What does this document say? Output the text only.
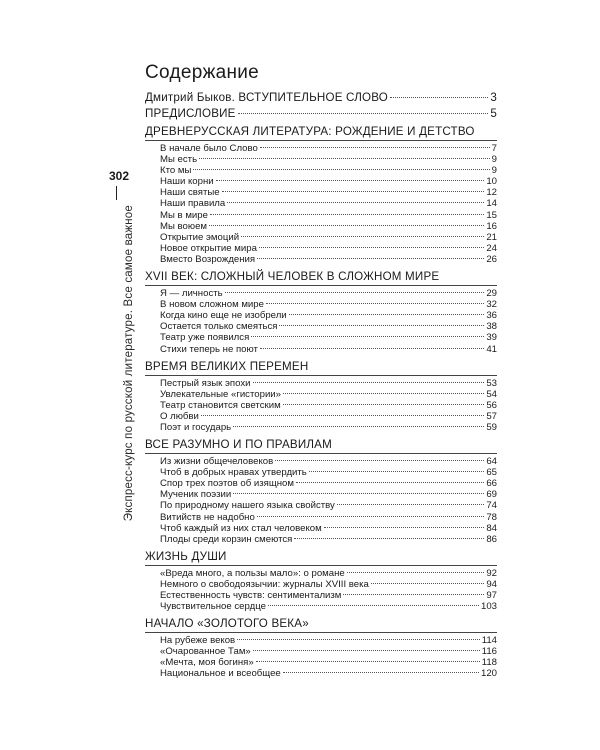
302
Экспресс-курс по русской литературе. Все самое важное
Содержание
Дмитрий Быков. ВСТУПИТЕЛЬНОЕ СЛОВО	3
ПРЕДИСЛОВИЕ	5
ДРЕВНЕРУССКАЯ ЛИТЕРАТУРА: РОЖДЕНИЕ И ДЕТСТВО
В начале было Слово	7
Мы есть	9
Кто мы	9
Наши корни	10
Наши святые	12
Наши правила	14
Мы в мире	15
Мы воюем	16
Открытие эмоций	21
Новое открытие мира	24
Вместо Возрождения	26
XVII ВЕК: СЛОЖНЫЙ ЧЕЛОВЕК В СЛОЖНОМ МИРЕ
Я — личность	29
В новом сложном мире	32
Когда кино еще не изобрели	36
Остается только смеяться	38
Театр уже появился	39
Стихи теперь не поют	41
ВРЕМЯ ВЕЛИКИХ ПЕРЕМЕН
Пестрый язык эпохи	53
Увлекательные «гистории»	54
Театр становится светским	56
О любви	57
Поэт и государь	59
ВСЕ РАЗУМНО И ПО ПРАВИЛАМ
Из жизни общечеловеков	64
Чтоб в добрых нравах утвердить	65
Спор трех поэтов об изящном	66
Мученик поэзии	69
По природному нашего языка свойству	74
Витийств не надобно	78
Чтоб каждый из них стал человеком	84
Плоды среди корзин смеются	86
ЖИЗНЬ ДУШИ
«Вреда много, а пользы мало»: о романе	92
Немного о свободоязычии: журналы XVIII века	94
Естественность чувств: сентиментализм	97
Чувствительное сердце	103
НАЧАЛО «ЗОЛОТОГО ВЕКА»
На рубеже веков	114
«Очарованное Там»	116
«Мечта, моя богиня»	118
Национальное и всеобщее	120
